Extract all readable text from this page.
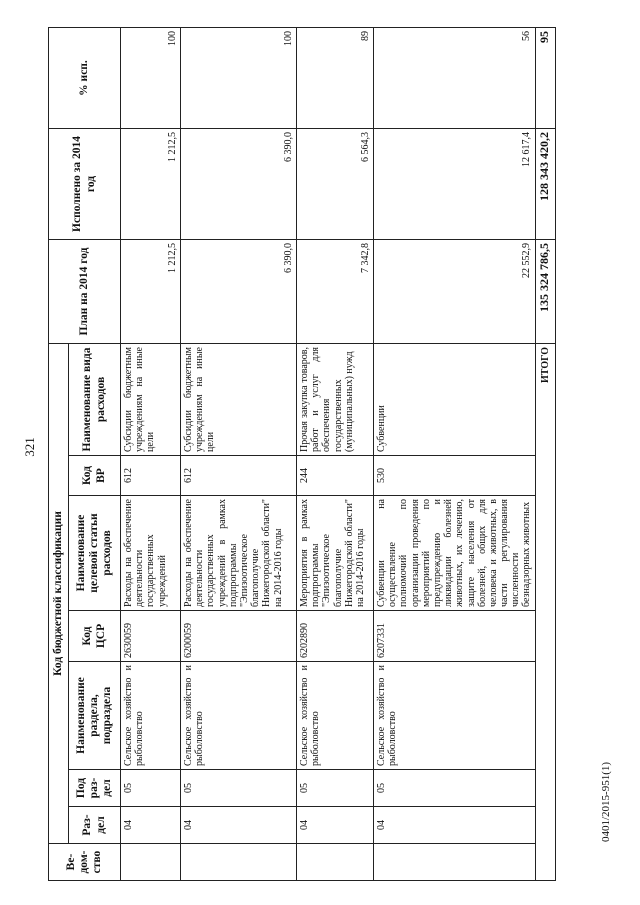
321
0401/2015-951(1)
Ве-дом-ство	Код бюджетной классификации							План на 2014 год	Исполнено за 2014 год	% исп.
	Раз-дел	Под раз-дел	Наименование раздела, подраздела	Код ЦСР	Наименование целевой статьи расходов	Код ВР	Наименование вида расходов			
	04	05	Сельское хозяйство и рыболовство	2630059	Расходы на обеспечение деятельности государственных учреждений	612	Субсидии бюджетным учреждениям на иные цели	1 212,5	1 212,5	100
	04	05	Сельское хозяйство и рыболовство	6200059	Расходы на обеспечение деятельности государственных учреждений в рамках подпрограммы "Эпизоотическое благополучие Нижегородской области" на 2014-2016 годы	612	Субсидии бюджетным учреждениям на иные цели	6 390,0	6 390,0	100
	04	05	Сельское хозяйство и рыболовство	6202890	Мероприятия в рамках подпрограммы "Эпизоотическое благополучие Нижегородской области" на 2014-2016 годы	244	Прочая закупка товаров, работ и услуг для обеспечения государственных (муниципальных) нужд	7 342,8	6 564,3	89
	04	05	Сельское хозяйство и рыболовство	6207331	Субвенции на осуществление полномочий по организации проведения мероприятий по предупреждению и ликвидации болезней животных, их лечению, защите населения от болезней, общих для человека и животных, в части регулирования численности безнадзорных животных	530	Субвенции	22 552,9	12 617,4	56
ИТОГО								135 324 786,5	128 343 420,2	95
